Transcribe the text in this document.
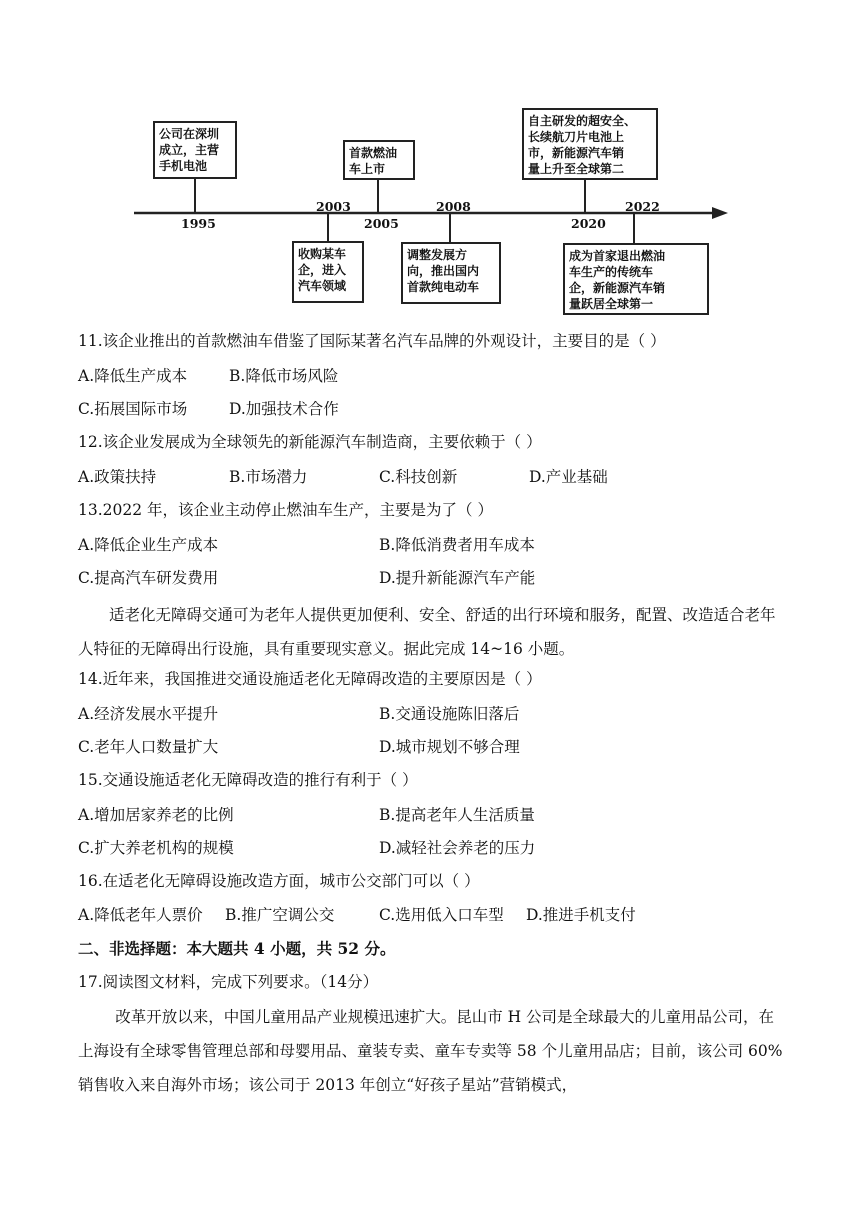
1995
2003
2005
2008
2020
2022
公司在深圳
成立，主营
手机电池
收购某车
企，进入
汽车领域
首款燃油
车上市
调整发展方
向，推出国内
首款纯电动车
自主研发的超安全、
长续航刀片电池上
市，新能源汽车销
量上升至全球第二
成为首家退出燃油
车生产的传统车
企，新能源汽车销
量跃居全球第一
11.该企业推出的首款燃油车借鉴了国际某著名汽车品牌的外观设计，主要目的是（ ）
A.降低生产成本	B.降低市场风险
C.拓展国际市场	D.加强技术合作
12.该企业发展成为全球领先的新能源汽车制造商，主要依赖于（ ）
A.政策扶持	B.市场潜力	C.科技创新	D.产业基础
13.2022 年，该企业主动停止燃油车生产，主要是为了（ ）
A.降低企业生产成本	B.降低消费者用车成本
C.提高汽车研发费用	D.提升新能源汽车产能
适老化无障碍交通可为老年人提供更加便利、安全、舒适的出行环境和服务，配置、改造适合老年人特征的无障碍出行设施，具有重要现实意义。据此完成 14~16 小题。
14.近年来，我国推进交通设施适老化无障碍改造的主要原因是（ ）
A.经济发展水平提升	B.交通设施陈旧落后
C.老年人口数量扩大	D.城市规划不够合理
15.交通设施适老化无障碍改造的推行有利于（ ）
A.增加居家养老的比例	B.提高老年人生活质量
C.扩大养老机构的规模	D.减轻社会养老的压力
16.在适老化无障碍设施改造方面，城市公交部门可以（ ）
A.降低老年人票价 B.推广空调公交	C.选用低入口车型 D.推进手机支付
二、非选择题：本大题共 4 小题，共 52 分。
17.阅读图文材料，完成下列要求。（14分）
改革开放以来，中国儿童用品产业规模迅速扩大。昆山市 H 公司是全球最大的儿童用品公司，在上海设有全球零售管理总部和母婴用品、童装专卖、童车专卖等 58 个儿童用品店；目前，该公司 60%销售收入来自海外市场；该公司于 2013 年创立“好孩子星站”营销模式，
